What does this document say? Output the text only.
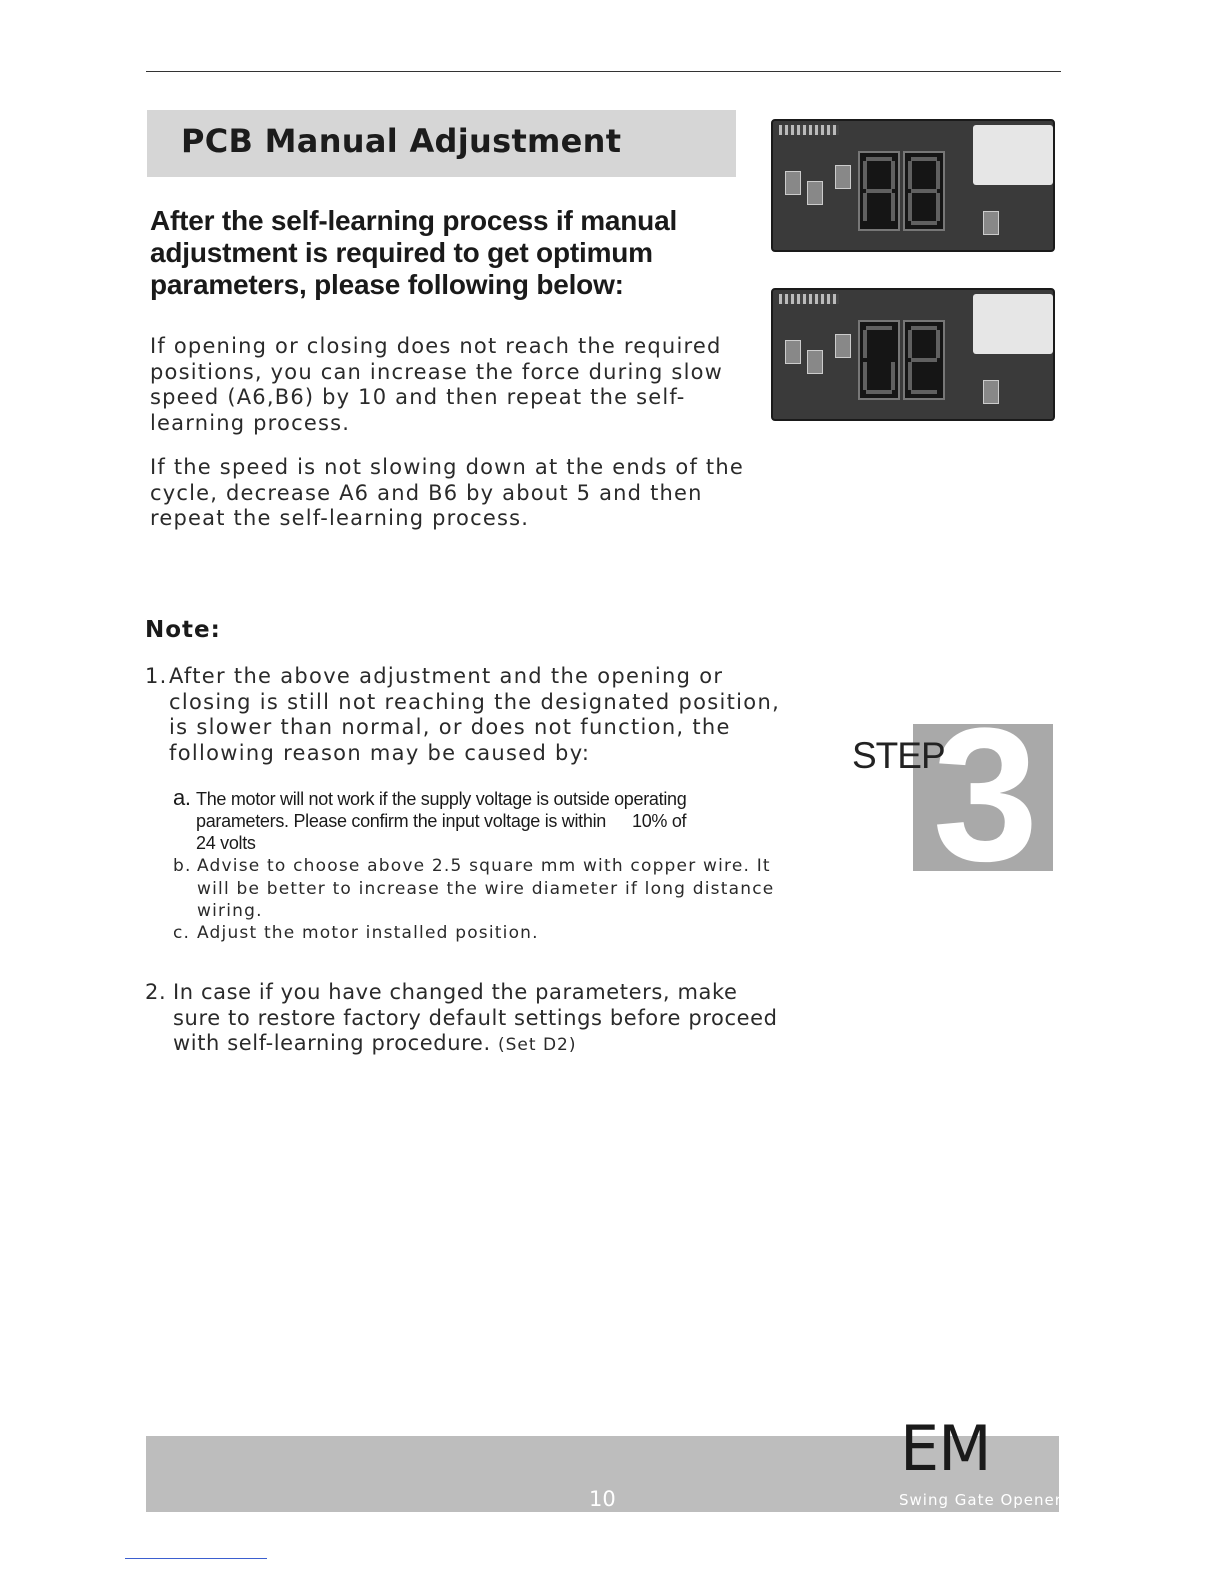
PCB Manual Adjustment

After the self-learning process if manual adjustment is required to get optimum parameters, please following below:

If opening or closing does not reach the required positions, you can increase the force during slow speed (A6,B6) by 10 and then repeat the self-learning process.

If the speed is not slowing down at the ends of the cycle, decrease A6 and B6 by about 5 and then repeat the self-learning process.

Note:

1. After the above adjustment and the opening or closing is still not reaching the designated position, is slower than normal, or does not function, the following reason may be caused by:
a. The motor will not work if the supply voltage is outside operating parameters. Please confirm the input voltage is within 10% of
24 volts
b. Advise to choose above 2.5 square mm with copper wire. It will be better to increase the wire diameter if long distance wiring.
c. Adjust the motor installed position.
2. In case if you have changed the parameters, make sure to restore factory default settings before proceed with self-learning procedure. (Set D2)

3

STEP

10

EM

Swing Gate Opener
